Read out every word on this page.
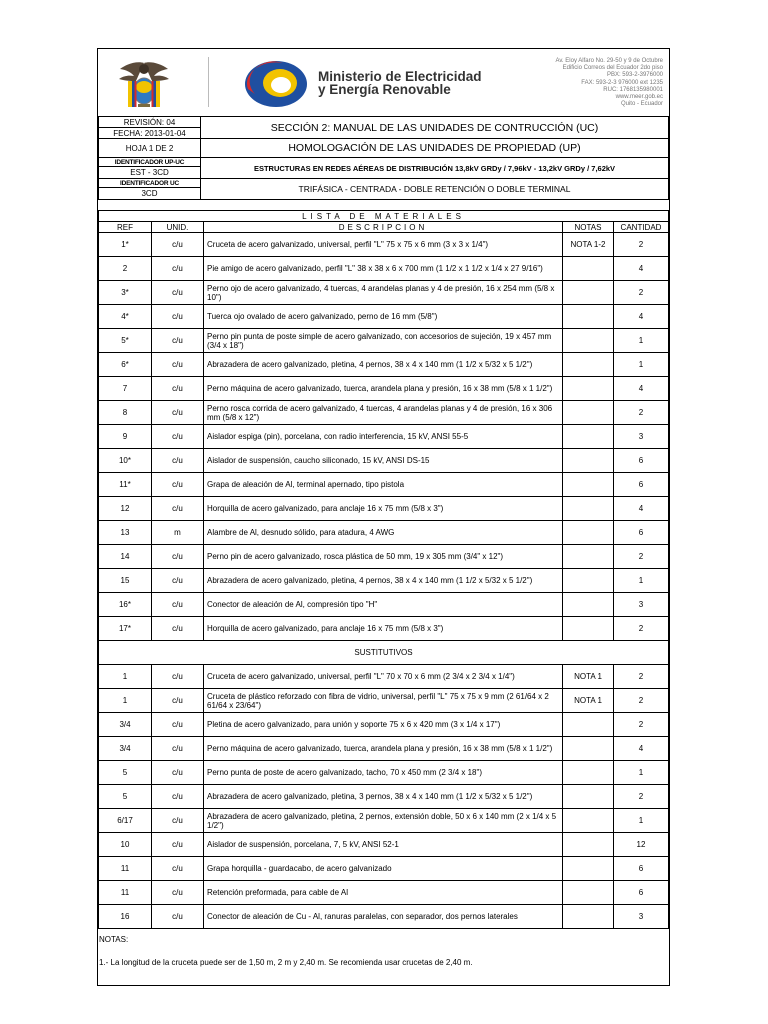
Ministerio de Electricidad
y Energía Renovable
Av. Eloy Alfaro No. 29-50 y 9 de Octubre
Edificio Correos del Ecuador 2do piso
PBX: 593-2-3976000
FAX: 593-2-3 976000 ext 1235
RUC: 1768135980001
www.meer.gob.ec
Quito - Ecuador
REVISIÓN: 04	SECCIÓN 2: MANUAL DE LAS UNIDADES DE CONTRUCCIÓN (UC)
FECHA: 2013-01-04	
HOJA 1 DE 2	HOMOLOGACIÓN DE LAS UNIDADES DE PROPIEDAD (UP)
IDENTIFICADOR UP-UC	ESTRUCTURAS EN REDES AÉREAS DE DISTRIBUCIÓN 13,8kV GRDy / 7,96kV - 13,2kV GRDy / 7,62kV
EST - 3CD	
IDENTIFICADOR UC	TRIFÁSICA - CENTRADA - DOBLE RETENCIÓN O DOBLE TERMINAL
3CD	
LISTA DE MATERIALES				
REF	UNID.	DESCRIPCION	NOTAS	CANTIDAD
1*	c/u	Cruceta de acero galvanizado, universal, perfil "L" 75 x 75 x 6 mm (3 x 3 x 1/4")	NOTA 1-2	2
2	c/u	Pie amigo de acero galvanizado, perfil "L" 38 x 38 x 6 x 700 mm (1 1/2 x 1 1/2 x 1/4 x 27 9/16")		4
3*	c/u	Perno ojo de acero galvanizado, 4 tuercas, 4 arandelas planas y 4 de presión, 16 x 254 mm (5/8 x 10")		2
4*	c/u	Tuerca ojo ovalado de acero galvanizado, perno de 16 mm (5/8")		4
5*	c/u	Perno pin punta de poste simple de acero galvanizado, con accesorios de sujeción, 19 x 457 mm (3/4 x 18")		1
6*	c/u	Abrazadera de acero galvanizado, pletina, 4 pernos, 38 x 4 x 140 mm (1 1/2 x 5/32 x 5 1/2")		1
7	c/u	Perno máquina de acero galvanizado, tuerca, arandela plana y presión, 16 x 38 mm (5/8 x 1 1/2")		4
8	c/u	Perno rosca corrida de acero galvanizado, 4 tuercas, 4 arandelas planas y 4 de presión, 16 x 306 mm (5/8 x 12")		2
9	c/u	Aislador espiga (pin), porcelana, con radio interferencia, 15 kV, ANSI 55-5		3
10*	c/u	Aislador de suspensión, caucho siliconado, 15 kV, ANSI DS-15		6
11*	c/u	Grapa de aleación de Al, terminal apernado, tipo pistola		6
12	c/u	Horquilla de acero galvanizado, para anclaje 16 x 75 mm (5/8 x 3")		4
13	m	Alambre de Al, desnudo sólido, para atadura, 4 AWG		6
14	c/u	Perno pin de acero galvanizado, rosca plástica de 50 mm, 19 x 305 mm (3/4" x 12")		2
15	c/u	Abrazadera de acero galvanizado, pletina, 4 pernos, 38 x 4 x 140 mm (1 1/2 x 5/32 x 5 1/2")		1
16*	c/u	Conector de aleación de Al, compresión tipo "H"		3
17*	c/u	Horquilla de acero galvanizado, para anclaje 16 x 75 mm (5/8 x 3")		2
SUSTITUTIVOS				
1	c/u	Cruceta de acero galvanizado, universal, perfil "L" 70 x 70 x 6 mm (2 3/4 x 2 3/4 x 1/4")	NOTA 1	2
1	c/u	Cruceta de plástico reforzado con fibra de vidrio, universal, perfil "L" 75 x 75 x 9 mm (2 61/64 x 2 61/64 x 23/64")	NOTA 1	2
3/4	c/u	Pletina de acero galvanizado, para unión y soporte 75 x 6 x 420 mm (3 x 1/4 x 17")		2
3/4	c/u	Perno máquina de acero galvanizado, tuerca, arandela plana y presión, 16 x 38 mm (5/8 x 1 1/2")		4
5	c/u	Perno punta de poste de acero galvanizado, tacho, 70 x 450 mm (2 3/4 x 18")		1
5	c/u	Abrazadera de acero galvanizado, pletina, 3 pernos, 38 x 4 x 140 mm (1 1/2 x 5/32 x 5 1/2")		2
6/17	c/u	Abrazadera de acero galvanizado, pletina, 2 pernos, extensión doble, 50 x 6 x 140 mm (2 x 1/4 x 5 1/2")		1
10	c/u	Aislador de suspensión, porcelana, 7, 5 kV, ANSI 52-1		12
11	c/u	Grapa horquilla - guardacabo, de acero galvanizado		6
11	c/u	Retención preformada, para cable de Al		6
16	c/u	Conector de aleación de Cu - Al, ranuras paralelas, con separador, dos pernos laterales		3

NOTAS:

1.- La longitud de la cruceta puede ser de 1,50 m, 2 m y 2,40 m. Se recomienda usar crucetas de 2,40 m.
